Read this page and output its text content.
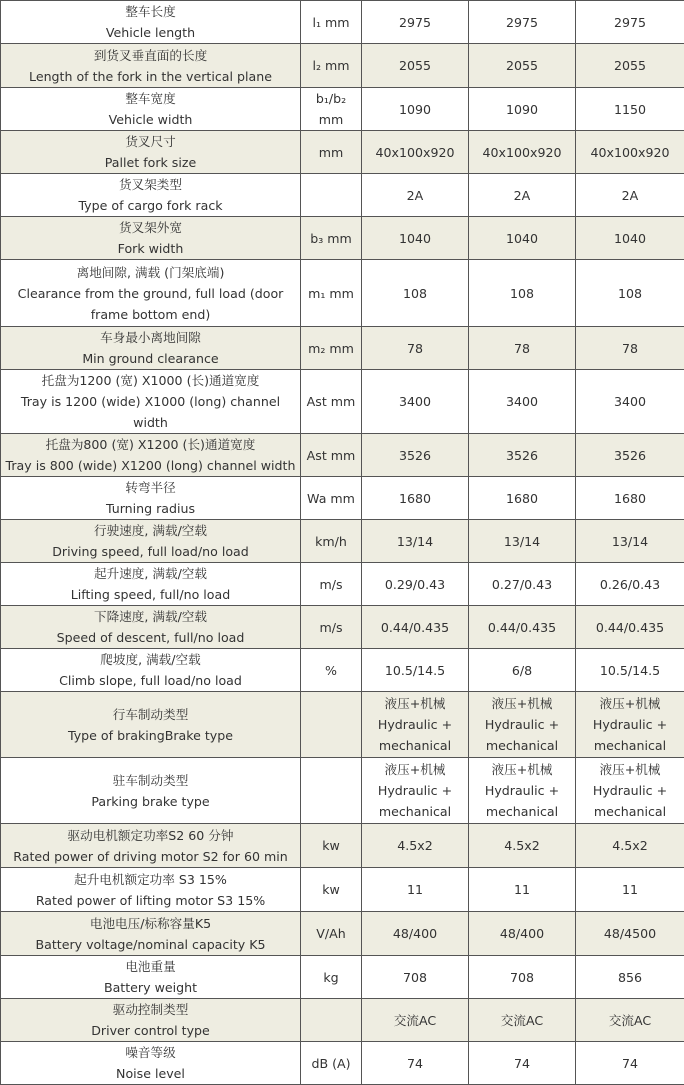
整车长度
Vehicle length	l₁ mm	2975	2975	2975

到货叉垂直面的长度
Length of the fork in the vertical plane	l₂ mm	2055	2055	2055

整车宽度
Vehicle width	b₁/b₂ mm	1090	1090	1150

货叉尺寸
Pallet fork size	mm	40x100x920	40x100x920	40x100x920

货叉架类型
Type of cargo fork rack		2A	2A	2A

货叉架外宽
Fork width	b₃ mm	1040	1040	1040

离地间隙, 满载 (门架底端)
Clearance from the ground, full load (door frame bottom end)	m₁ mm	108	108	108

车身最小离地间隙
Min ground clearance	m₂ mm	78	78	78

托盘为1200 (宽) X1000 (长)通道宽度
Tray is 1200 (wide) X1000 (long) channel width	Ast mm	3400	3400	3400

托盘为800 (宽) X1200 (长)通道宽度
Tray is 800 (wide) X1200 (long) channel width	Ast mm	3526	3526	3526

转弯半径
Turning radius	Wa mm	1680	1680	1680

行驶速度, 满载/空载
Driving speed, full load/no load	km/h	13/14	13/14	13/14

起升速度, 满载/空载
Lifting speed, full/no load	m/s	0.29/0.43	0.27/0.43	0.26/0.43

下降速度, 满载/空载
Speed of descent, full/no load	m/s	0.44/0.435	0.44/0.435	0.44/0.435

爬坡度, 满载/空载
Climb slope, full load/no load	%	10.5/14.5	6/8	10.5/14.5

行车制动类型
Type of brakingBrake type		液压+机械 Hydraulic + mechanical	液压+机械 Hydraulic + mechanical	液压+机械 Hydraulic + mechanical

驻车制动类型
Parking brake type		液压+机械 Hydraulic + mechanical	液压+机械 Hydraulic + mechanical	液压+机械 Hydraulic + mechanical

驱动电机额定功率S2 60 分钟
Rated power of driving motor S2 for 60 min	kw	4.5x2	4.5x2	4.5x2

起升电机额定功率 S3 15%
Rated power of lifting motor S3 15%	kw	11	11	11

电池电压/标称容量K5
Battery voltage/nominal capacity K5	V/Ah	48/400	48/400	48/4500

电池重量
Battery weight	kg	708	708	856

驱动控制类型
Driver control type		交流AC	交流AC	交流AC

噪音等级
Noise level	dB (A)	74	74	74
